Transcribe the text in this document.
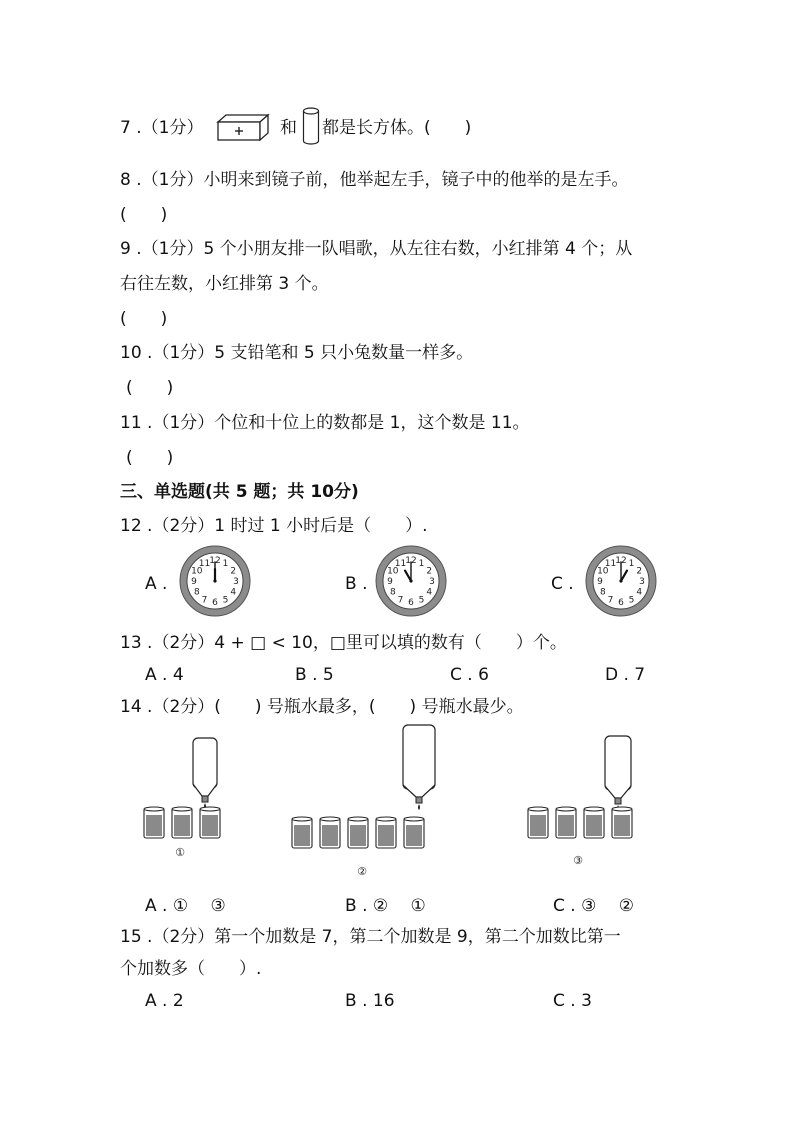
7 .（1分）	和 都是长方体。(　　)
8 .（1分）小明来到镜子前，他举起左手，镜子中的他举的是左手。
(　　)
9 .（1分）5 个小朋友排一队唱歌，从左往右数，小红排第 4 个；从
右往左数，小红排第 3 个。
(　　)
10 .（1分）5 支铅笔和 5 只小兔数量一样多。
(　　)
11 .（1分）个位和十位上的数都是 1，这个数是 11。
(　　)
三、单选题(共 5 题；共 10分)
12 .（2分）1 时过 1 小时后是（　　）.
A .	B .	C .
12 1
2
3
4
5
6
7
8
9
10
11	12 1
2
3
4
5
6
7
8
9
10
11	12 1
2
3
4
5
6
7
8
9
10
11
13 .（2分）4 + □ < 10，□里可以填的数有（　　）个。
A . 4	B . 5	C . 6	D . 7
14 .（2分）(　　) 号瓶水最多，(　　) 号瓶水最少。
①
②
③
A . ①　 ③	B . ②　 ①	C . ③　 ②
15 .（2分）第一个加数是 7，第二个加数是 9，第二个加数比第一
个加数多（　　）.
A . 2	B . 16	C . 3
